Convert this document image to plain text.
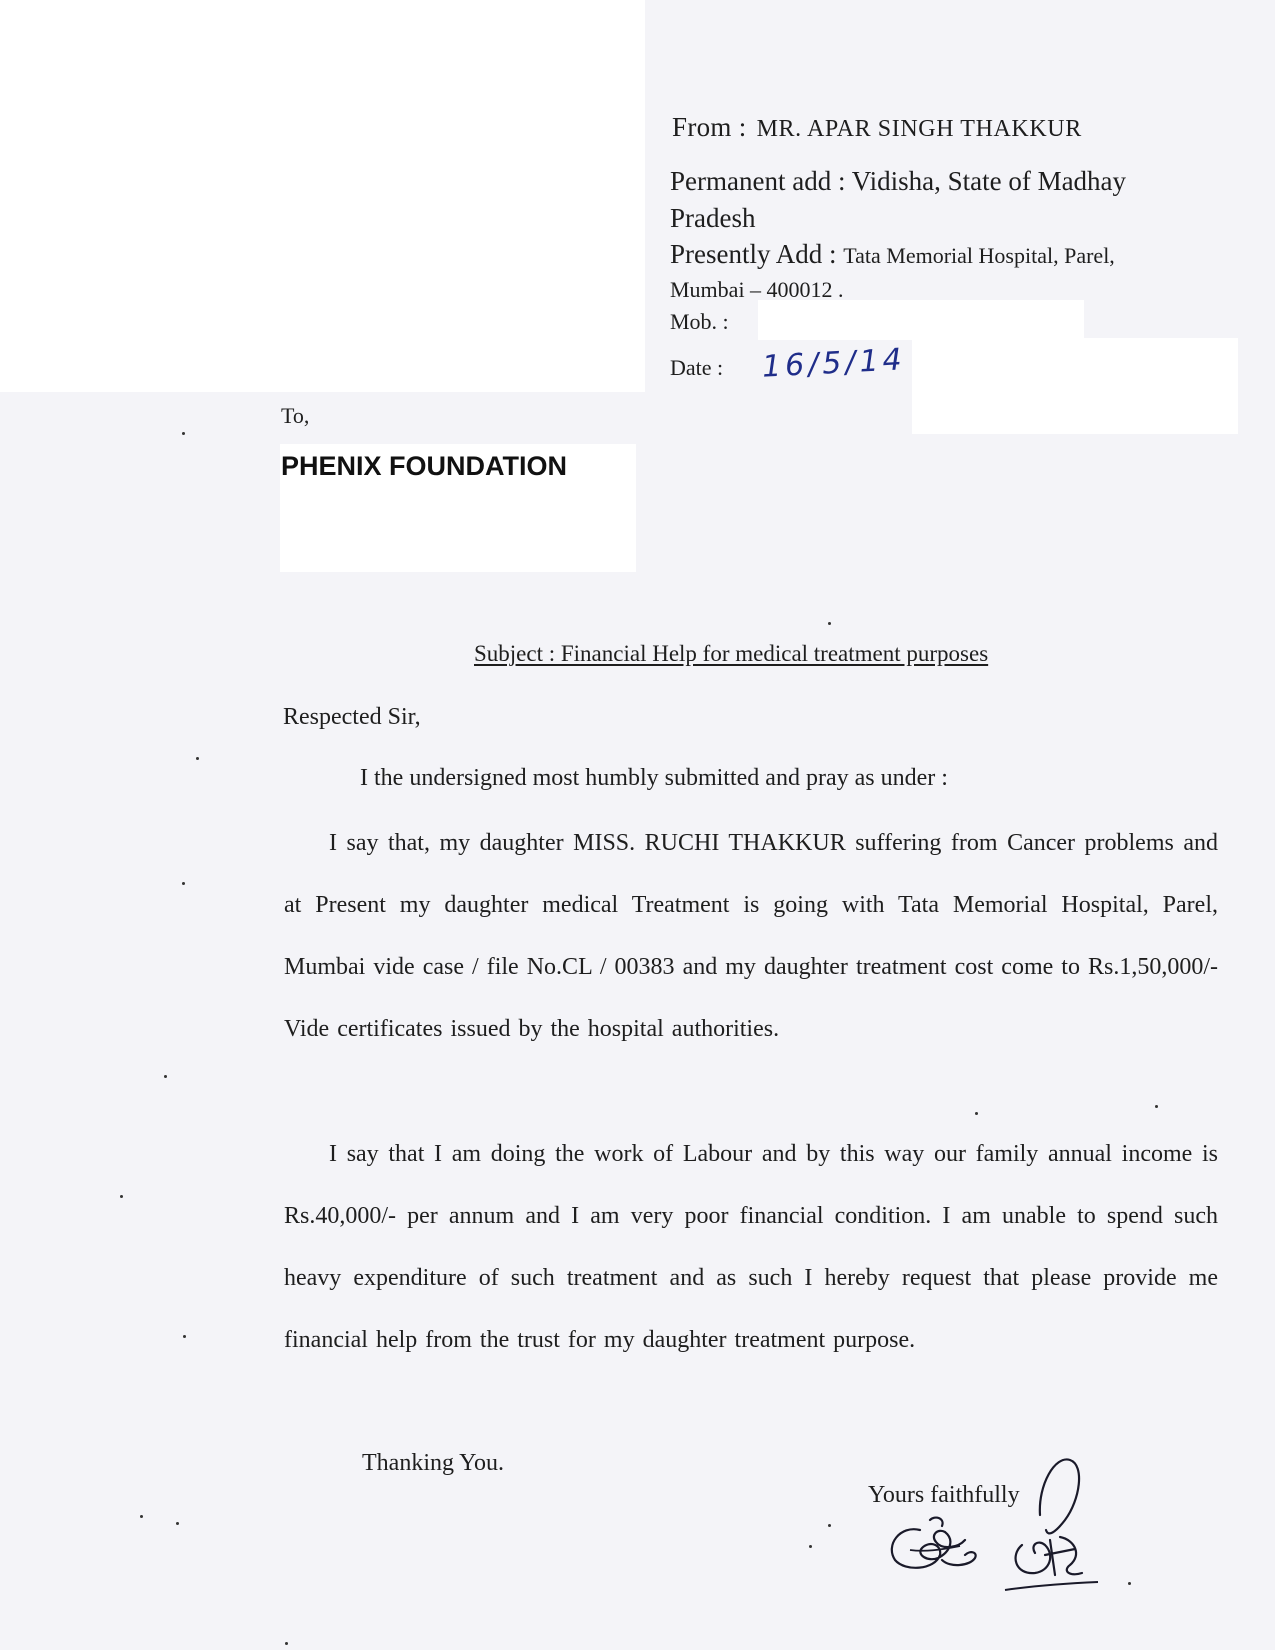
From : MR. APAR SINGH THAKKUR
Permanent add : Vidisha, State of Madhay
Pradesh
Presently Add : Tata Memorial Hospital, Parel,
Mumbai – 400012 .
Mob. :
Date : 16/5/14
To,
PHENIX FOUNDATION
Subject : Financial Help for medical treatment purposes
Respected Sir,
I the undersigned most humbly submitted and pray as under :
I say that, my daughter MISS. RUCHI THAKKUR suffering from Cancer problems and at Present my daughter medical Treatment is going with Tata Memorial Hospital, Parel, Mumbai vide case / file No.CL / 00383 and my daughter treatment cost come to Rs.1,50,000/- Vide certificates issued by the hospital authorities.
I say that I am doing the work of Labour and by this way our family annual income is Rs.40,000/- per annum and I am very poor financial condition. I am unable to spend such heavy expenditure of such treatment and as such I hereby request that please provide me financial help from the trust for my daughter treatment purpose.
Thanking You.
Yours faithfully
